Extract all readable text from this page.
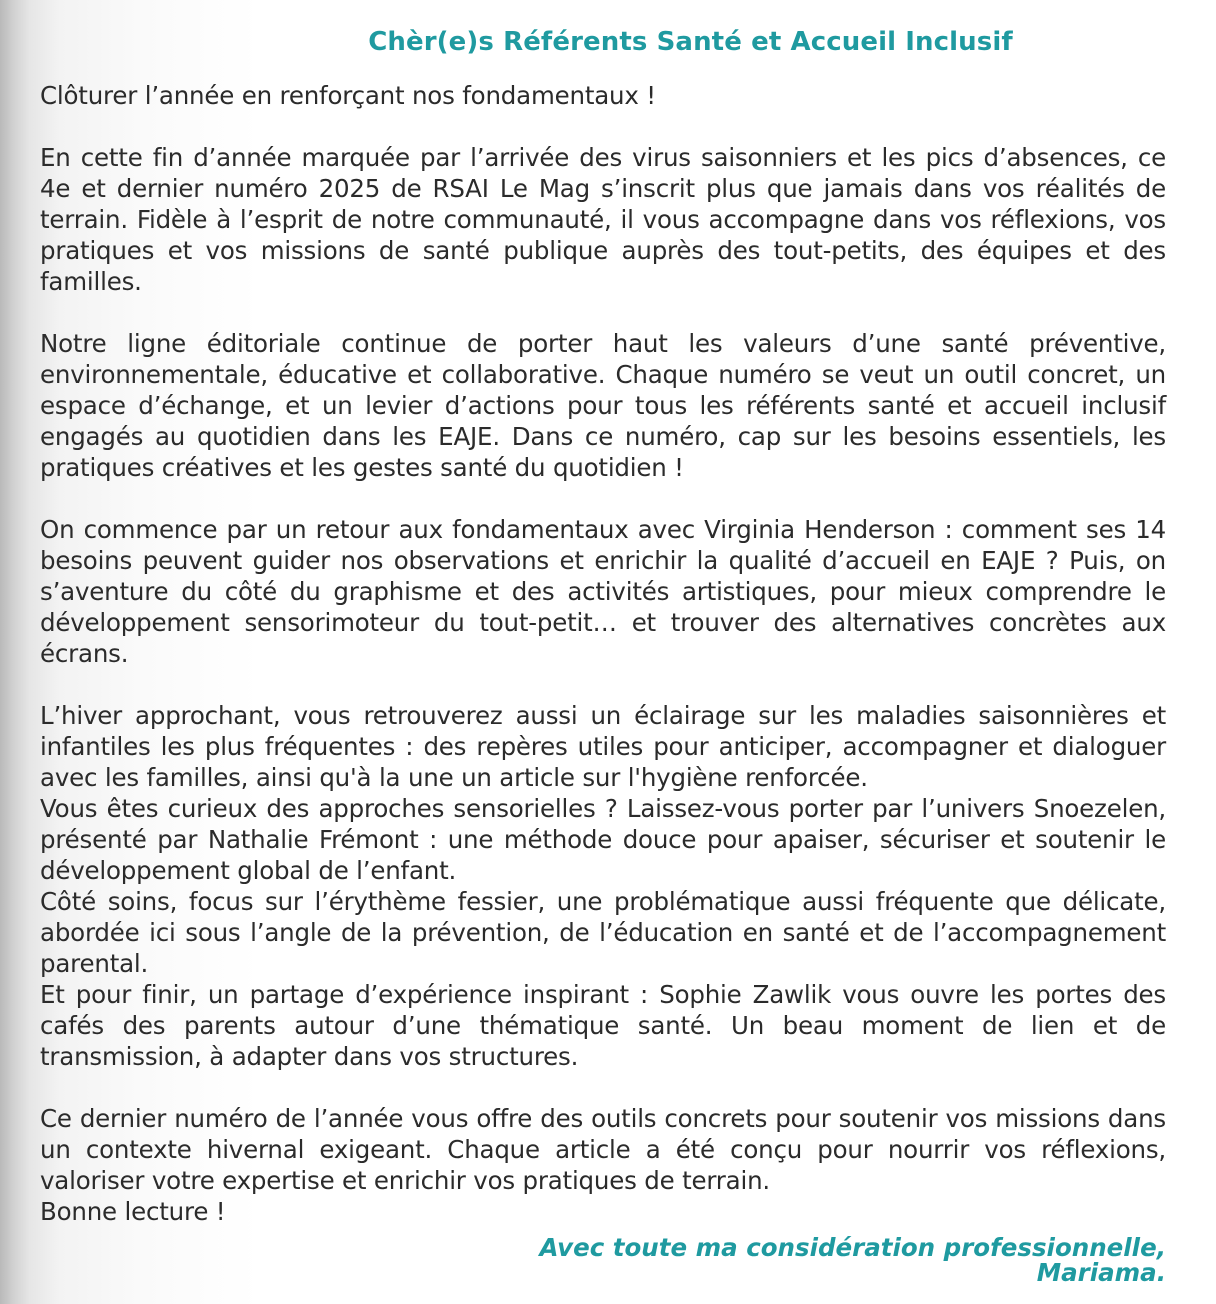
Chèr(e)s Référents Santé et Accueil Inclusif

Clôturer l’année en renforçant nos fondamentaux !

En cette fin d’année marquée par l’arrivée des virus saisonniers et les pics d’absences, ce 4e et dernier numéro 2025 de RSAI Le Mag s’inscrit plus que jamais dans vos réalités de terrain. Fidèle à l’esprit de notre communauté, il vous accompagne dans vos réflexions, vos pratiques et vos missions de santé publique auprès des tout-petits, des équipes et des familles.

Notre ligne éditoriale continue de porter haut les valeurs d’une santé préventive, environnementale, éducative et collaborative. Chaque numéro se veut un outil concret, un espace d’échange, et un levier d’actions pour tous les référents santé et accueil inclusif engagés au quotidien dans les EAJE. Dans ce numéro, cap sur les besoins essentiels, les pratiques créatives et les gestes santé du quotidien !

On commence par un retour aux fondamentaux avec Virginia Henderson : comment ses 14 besoins peuvent guider nos observations et enrichir la qualité d’accueil en EAJE ? Puis, on s’aventure du côté du graphisme et des activités artistiques, pour mieux comprendre le développement sensorimoteur du tout-petit… et trouver des alternatives concrètes aux écrans.

L’hiver approchant, vous retrouverez aussi un éclairage sur les maladies saisonnières et infantiles les plus fréquentes : des repères utiles pour anticiper, accompagner et dialoguer avec les familles, ainsi qu'à la une un article sur l'hygiène renforcée.

Vous êtes curieux des approches sensorielles ? Laissez-vous porter par l’univers Snoezelen, présenté par Nathalie Frémont : une méthode douce pour apaiser, sécuriser et soutenir le développement global de l’enfant.

Côté soins, focus sur l’érythème fessier, une problématique aussi fréquente que délicate, abordée ici sous l’angle de la prévention, de l’éducation en santé et de l’accompagnement parental.

Et pour finir, un partage d’expérience inspirant : Sophie Zawlik vous ouvre les portes des cafés des parents autour d’une thématique santé. Un beau moment de lien et de transmission, à adapter dans vos structures.

Ce dernier numéro de l’année vous offre des outils concrets pour soutenir vos missions dans un contexte hivernal exigeant. Chaque article a été conçu pour nourrir vos réflexions, valoriser votre expertise et enrichir vos pratiques de terrain.

Bonne lecture !

Avec toute ma considération professionnelle,
Mariama.
